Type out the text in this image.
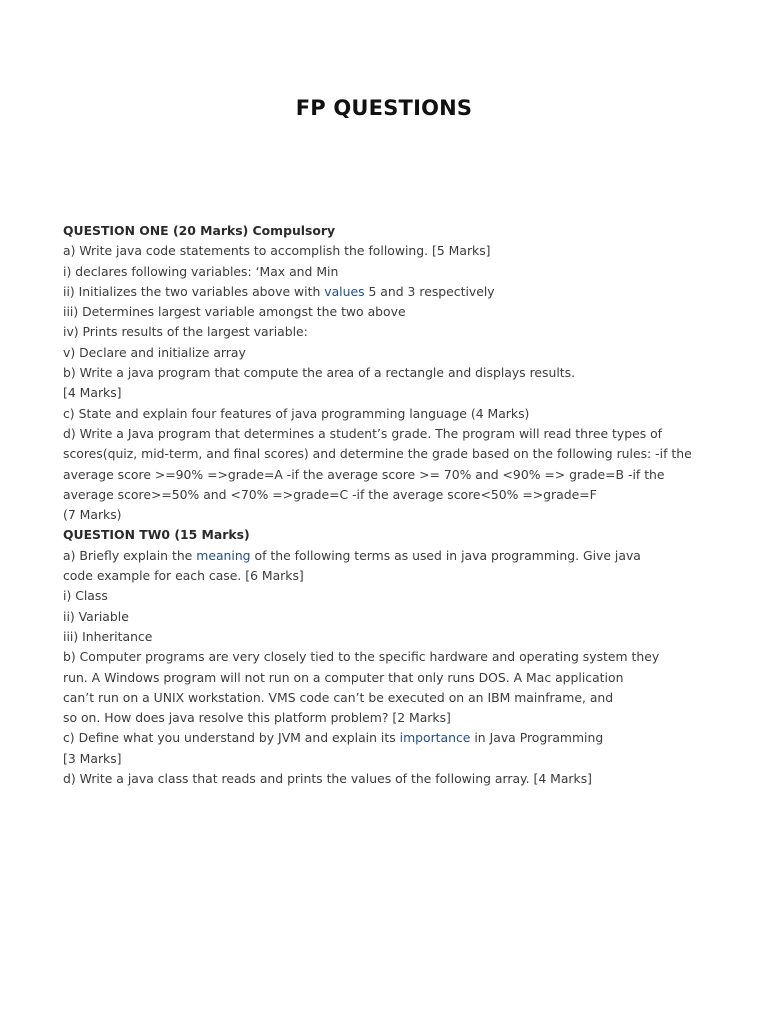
FP QUESTIONS
QUESTION ONE (20 Marks) Compulsory
a) Write java code statements to accomplish the following. [5 Marks]
i) declares following variables: ‘Max and Min
ii) Initializes the two variables above with values 5 and 3 respectively
iii) Determines largest variable amongst the two above
iv) Prints results of the largest variable:
v) Declare and initialize array
b) Write a java program that compute the area of a rectangle and displays results.
[4 Marks]
c) State and explain four features of java programming language (4 Marks)
d) Write a Java program that determines a student’s grade. The program will read three types of
scores(quiz, mid-term, and final scores) and determine the grade based on the following rules: -if the
average score >=90% =>grade=A -if the average score >= 70% and <90% => grade=B -if the
average score>=50% and <70% =>grade=C -if the average score<50% =>grade=F
(7 Marks)
QUESTION TW0 (15 Marks)
a) Briefly explain the meaning of the following terms as used in java programming. Give java
code example for each case. [6 Marks]
i) Class
ii) Variable
iii) Inheritance
b) Computer programs are very closely tied to the specific hardware and operating system they
run. A Windows program will not run on a computer that only runs DOS. A Mac application
can’t run on a UNIX workstation. VMS code can’t be executed on an IBM mainframe, and
so on. How does java resolve this platform problem? [2 Marks]
c) Define what you understand by JVM and explain its importance in Java Programming
[3 Marks]
d) Write a java class that reads and prints the values of the following array. [4 Marks]
